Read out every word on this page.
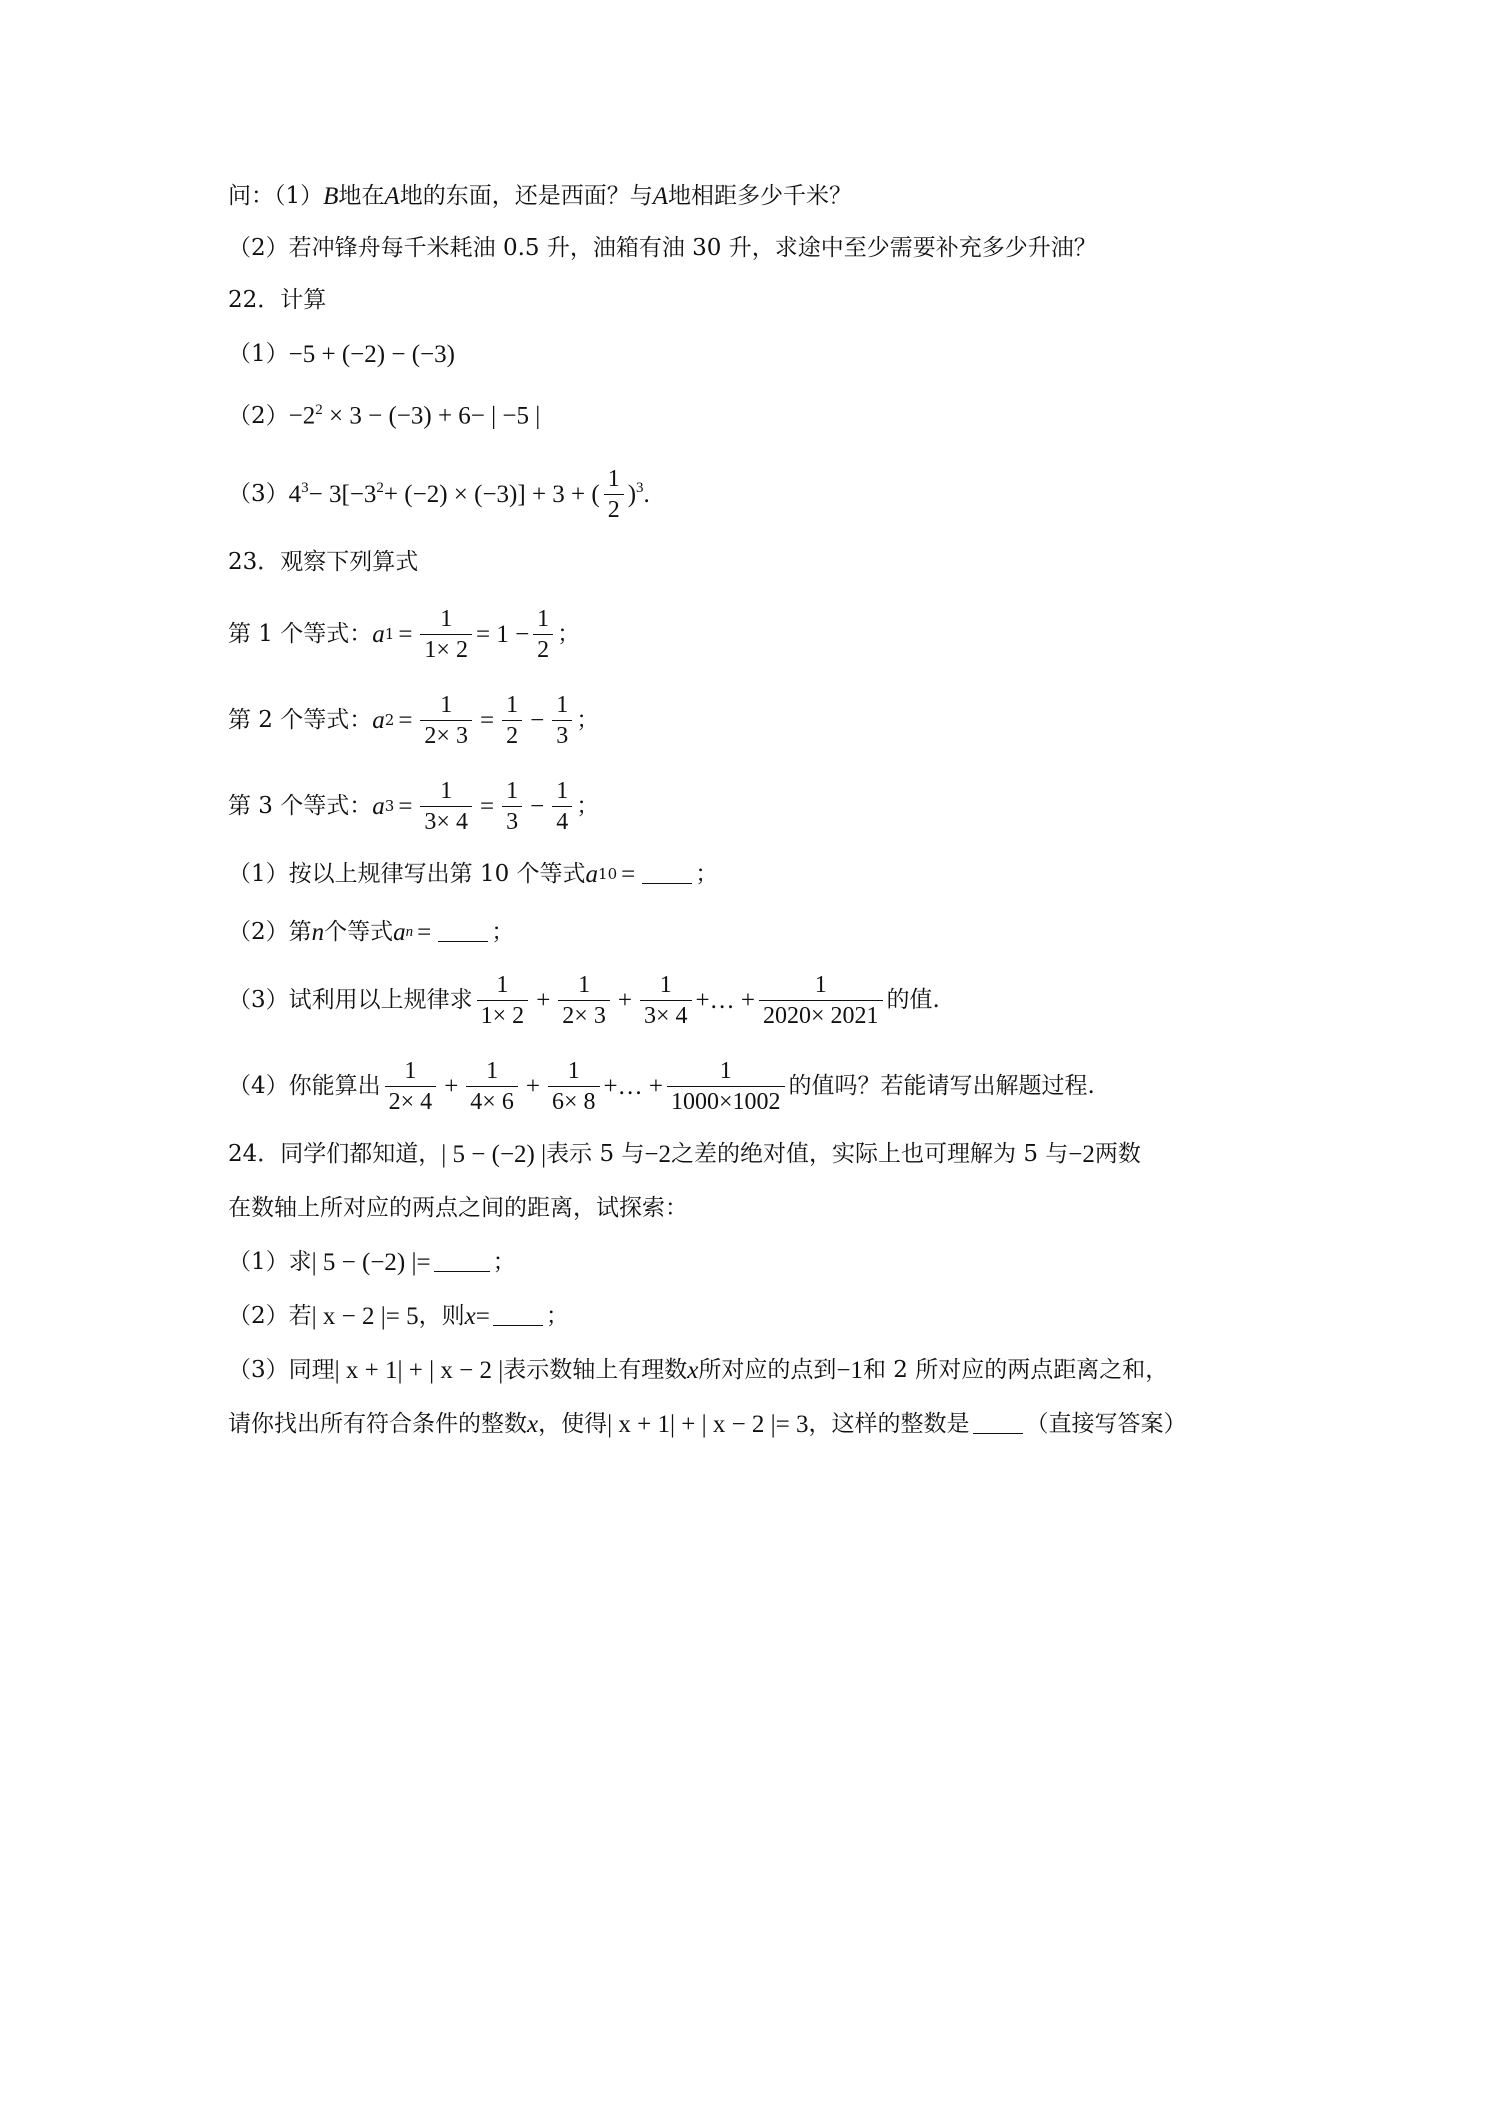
问：（1） B 地在 A 地的东面，还是西面？与 A 地相距多少千米？
（2）若冲锋舟每千米耗油 0.5 升，油箱有油 30 升，求途中至少需要补充多少升油？
22．计算
（1） −5 + (−2) − (−3)
$(2) -2^2 \times 3 - (-3) + 6-$ | −5 |
（3） $4^3 - 3[-3^2 + (-2) \times (-3)] + 3$ + ( $\frac{1}{2} )^3$ .
23．观察下列算式
第 1 个等式： a $1 = \frac{1}{1\times 2} = 1 - \frac{1}{2}$ ；
第 2 个等式： a $2 = \frac{1}{2\times 3} = \frac{1}{2} - \frac{1}{3}$ ；
第 3 个等式： a $3 = \frac{1}{3\times 4} = \frac{1}{3} - \frac{1}{4}$ ；
（1）按以上规律写出第 10 个等式 a 10 =	；
（2）第 n 个等式 a n =	；
（3）试利用以上规律求 $\frac{1}{1\times 2} + \frac{1}{2\times 3} + \frac{1}{3\times 4}$ +… + $\frac{1}{2020\times 2021}$ 的值.
（4）你能算出 $\frac{1}{2\times 4} + \frac{1}{4\times 6} + \frac{1}{6\times 8}$ +… + $\frac{1}{1000\times 1002}$ 的值吗？若能请写出解题过程.
24．同学们都知道， | 5 − (−2) | 表示 5 与 −2 之差的绝对值，实际上也可理解为 5 与 −2 两数
在数轴上所对应的两点之间的距离，试探索：
（1）求 | 5 − (−2) |=	；
（2）若 | x − 2 |= 5 ，则 x = ；
（3）同理 | x + 1| + | x − 2 | 表示数轴上有理数 x 所对应的点到 −1 和 2 所对应的两点距离之和，
请你找出所有符合条件的整数 x ，使得 | x + 1| + | x − 2 |= 3 ，这样的整数是 （直接写答案）
